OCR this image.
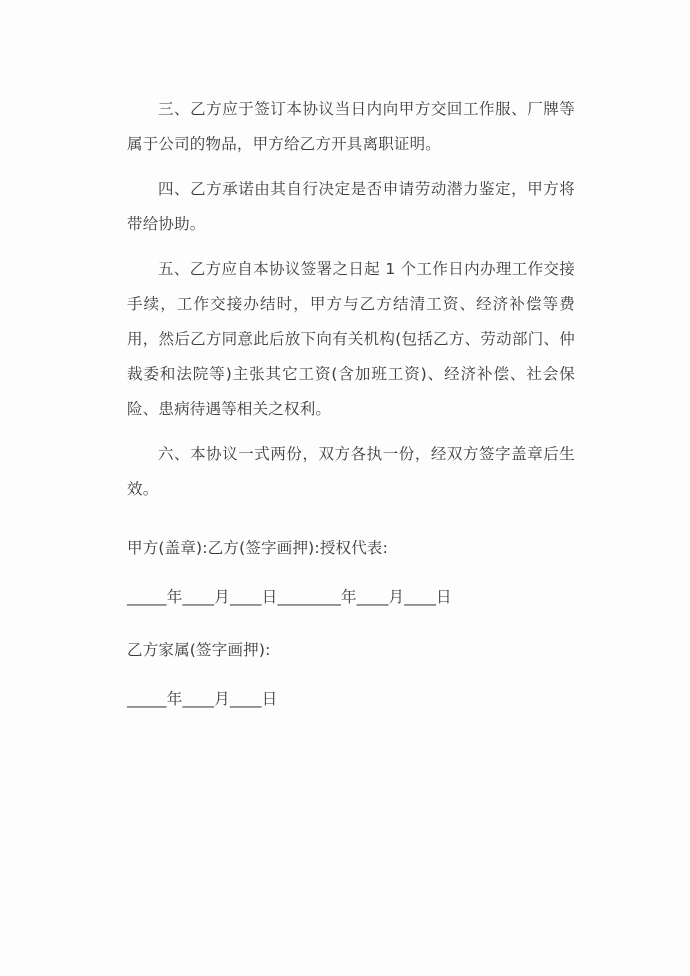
三、乙方应于签订本协议当日内向甲方交回工作服、厂牌等属于公司的物品，甲方给乙方开具离职证明。

四、乙方承诺由其自行决定是否申请劳动潜力鉴定，甲方将带给协助。

五、乙方应自本协议签署之日起 1 个工作日内办理工作交接手续，工作交接办结时，甲方与乙方结清工资、经济补偿等费用，然后乙方同意此后放下向有关机构(包括乙方、劳动部门、仲裁委和法院等)主张其它工资(含加班工资)、经济补偿、社会保险、患病待遇等相关之权利。

六、本协议一式两份，双方各执一份，经双方签字盖章后生效。

甲方(盖章):乙方(签字画押):授权代表:

_____年____月____日________年____月____日

乙方家属(签字画押):

_____年____月____日
